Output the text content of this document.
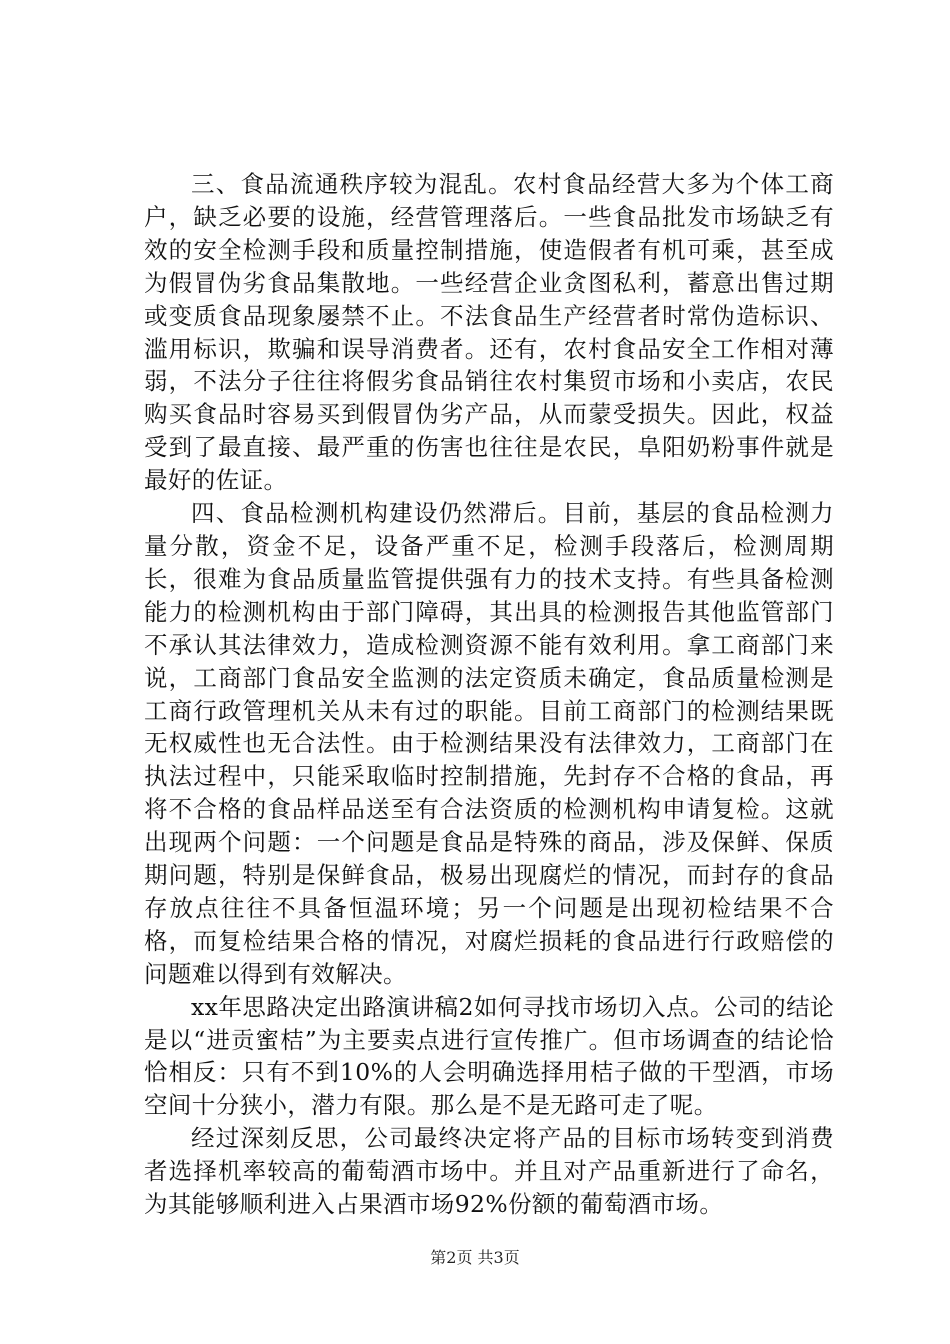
三、食品流通秩序较为混乱。农村食品经营大多为个体工商户，缺乏必要的设施，经营管理落后。一些食品批发市场缺乏有效的安全检测手段和质量控制措施，使造假者有机可乘，甚至成为假冒伪劣食品集散地。一些经营企业贪图私利，蓄意出售过期或变质食品现象屡禁不止。不法食品生产经营者时常伪造标识、滥用标识，欺骗和误导消费者。还有，农村食品安全工作相对薄弱，不法分子往往将假劣食品销往农村集贸市场和小卖店，农民购买食品时容易买到假冒伪劣产品，从而蒙受损失。因此，权益受到了最直接、最严重的伤害也往往是农民，阜阳奶粉事件就是最好的佐证。

四、食品检测机构建设仍然滞后。目前，基层的食品检测力量分散，资金不足，设备严重不足，检测手段落后，检测周期长，很难为食品质量监管提供强有力的技术支持。有些具备检测能力的检测机构由于部门障碍，其出具的检测报告其他监管部门不承认其法律效力，造成检测资源不能有效利用。拿工商部门来说，工商部门食品安全监测的法定资质未确定，食品质量检测是工商行政管理机关从未有过的职能。目前工商部门的检测结果既无权威性也无合法性。由于检测结果没有法律效力，工商部门在执法过程中，只能采取临时控制措施，先封存不合格的食品，再将不合格的食品样品送至有合法资质的检测机构申请复检。这就出现两个问题：一个问题是食品是特殊的商品，涉及保鲜、保质期问题，特别是保鲜食品，极易出现腐烂的情况，而封存的食品存放点往往不具备恒温环境；另一个问题是出现初检结果不合格，而复检结果合格的情况，对腐烂损耗的食品进行行政赔偿的问题难以得到有效解决。

xx年思路决定出路演讲稿2如何寻找市场切入点。公司的结论是以“进贡蜜桔”为主要卖点进行宣传推广。但市场调查的结论恰恰相反：只有不到10%的人会明确选择用桔子做的干型酒，市场空间十分狭小，潜力有限。那么是不是无路可走了呢。

经过深刻反思，公司最终决定将产品的目标市场转变到消费者选择机率较高的葡萄酒市场中。并且对产品重新进行了命名，为其能够顺利进入占果酒市场92%份额的葡萄酒市场。

第2页 共3页
